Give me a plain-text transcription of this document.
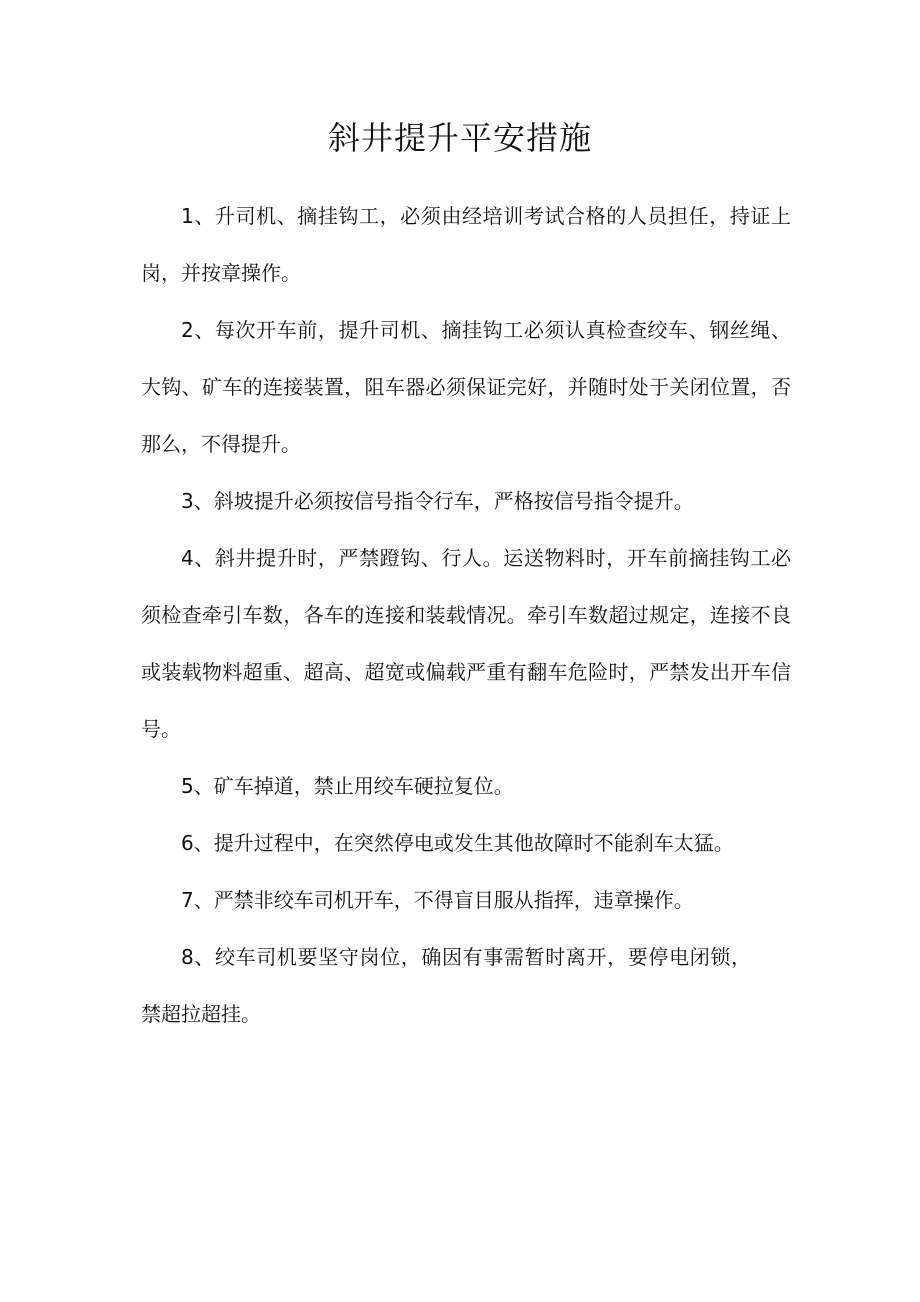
斜井提升平安措施

1、升司机、摘挂钩工，必须由经培训考试合格的人员担任，持证上岗，并按章操作。

2、每次开车前，提升司机、摘挂钩工必须认真检查绞车、钢丝绳、大钩、矿车的连接装置，阻车器必须保证完好，并随时处于关闭位置，否那么，不得提升。

3、斜坡提升必须按信号指令行车，严格按信号指令提升。

4、斜井提升时，严禁蹬钩、行人。运送物料时，开车前摘挂钩工必须检查牵引车数，各车的连接和装载情况。牵引车数超过规定，连接不良或装载物料超重、超高、超宽或偏载严重有翻车危险时，严禁发出开车信号。

5、矿车掉道，禁止用绞车硬拉复位。

6、提升过程中，在突然停电或发生其他故障时不能刹车太猛。

7、严禁非绞车司机开车，不得盲目服从指挥，违章操作。

8、绞车司机要坚守岗位，确因有事需暂时离开，要停电闭锁，禁超拉超挂。
